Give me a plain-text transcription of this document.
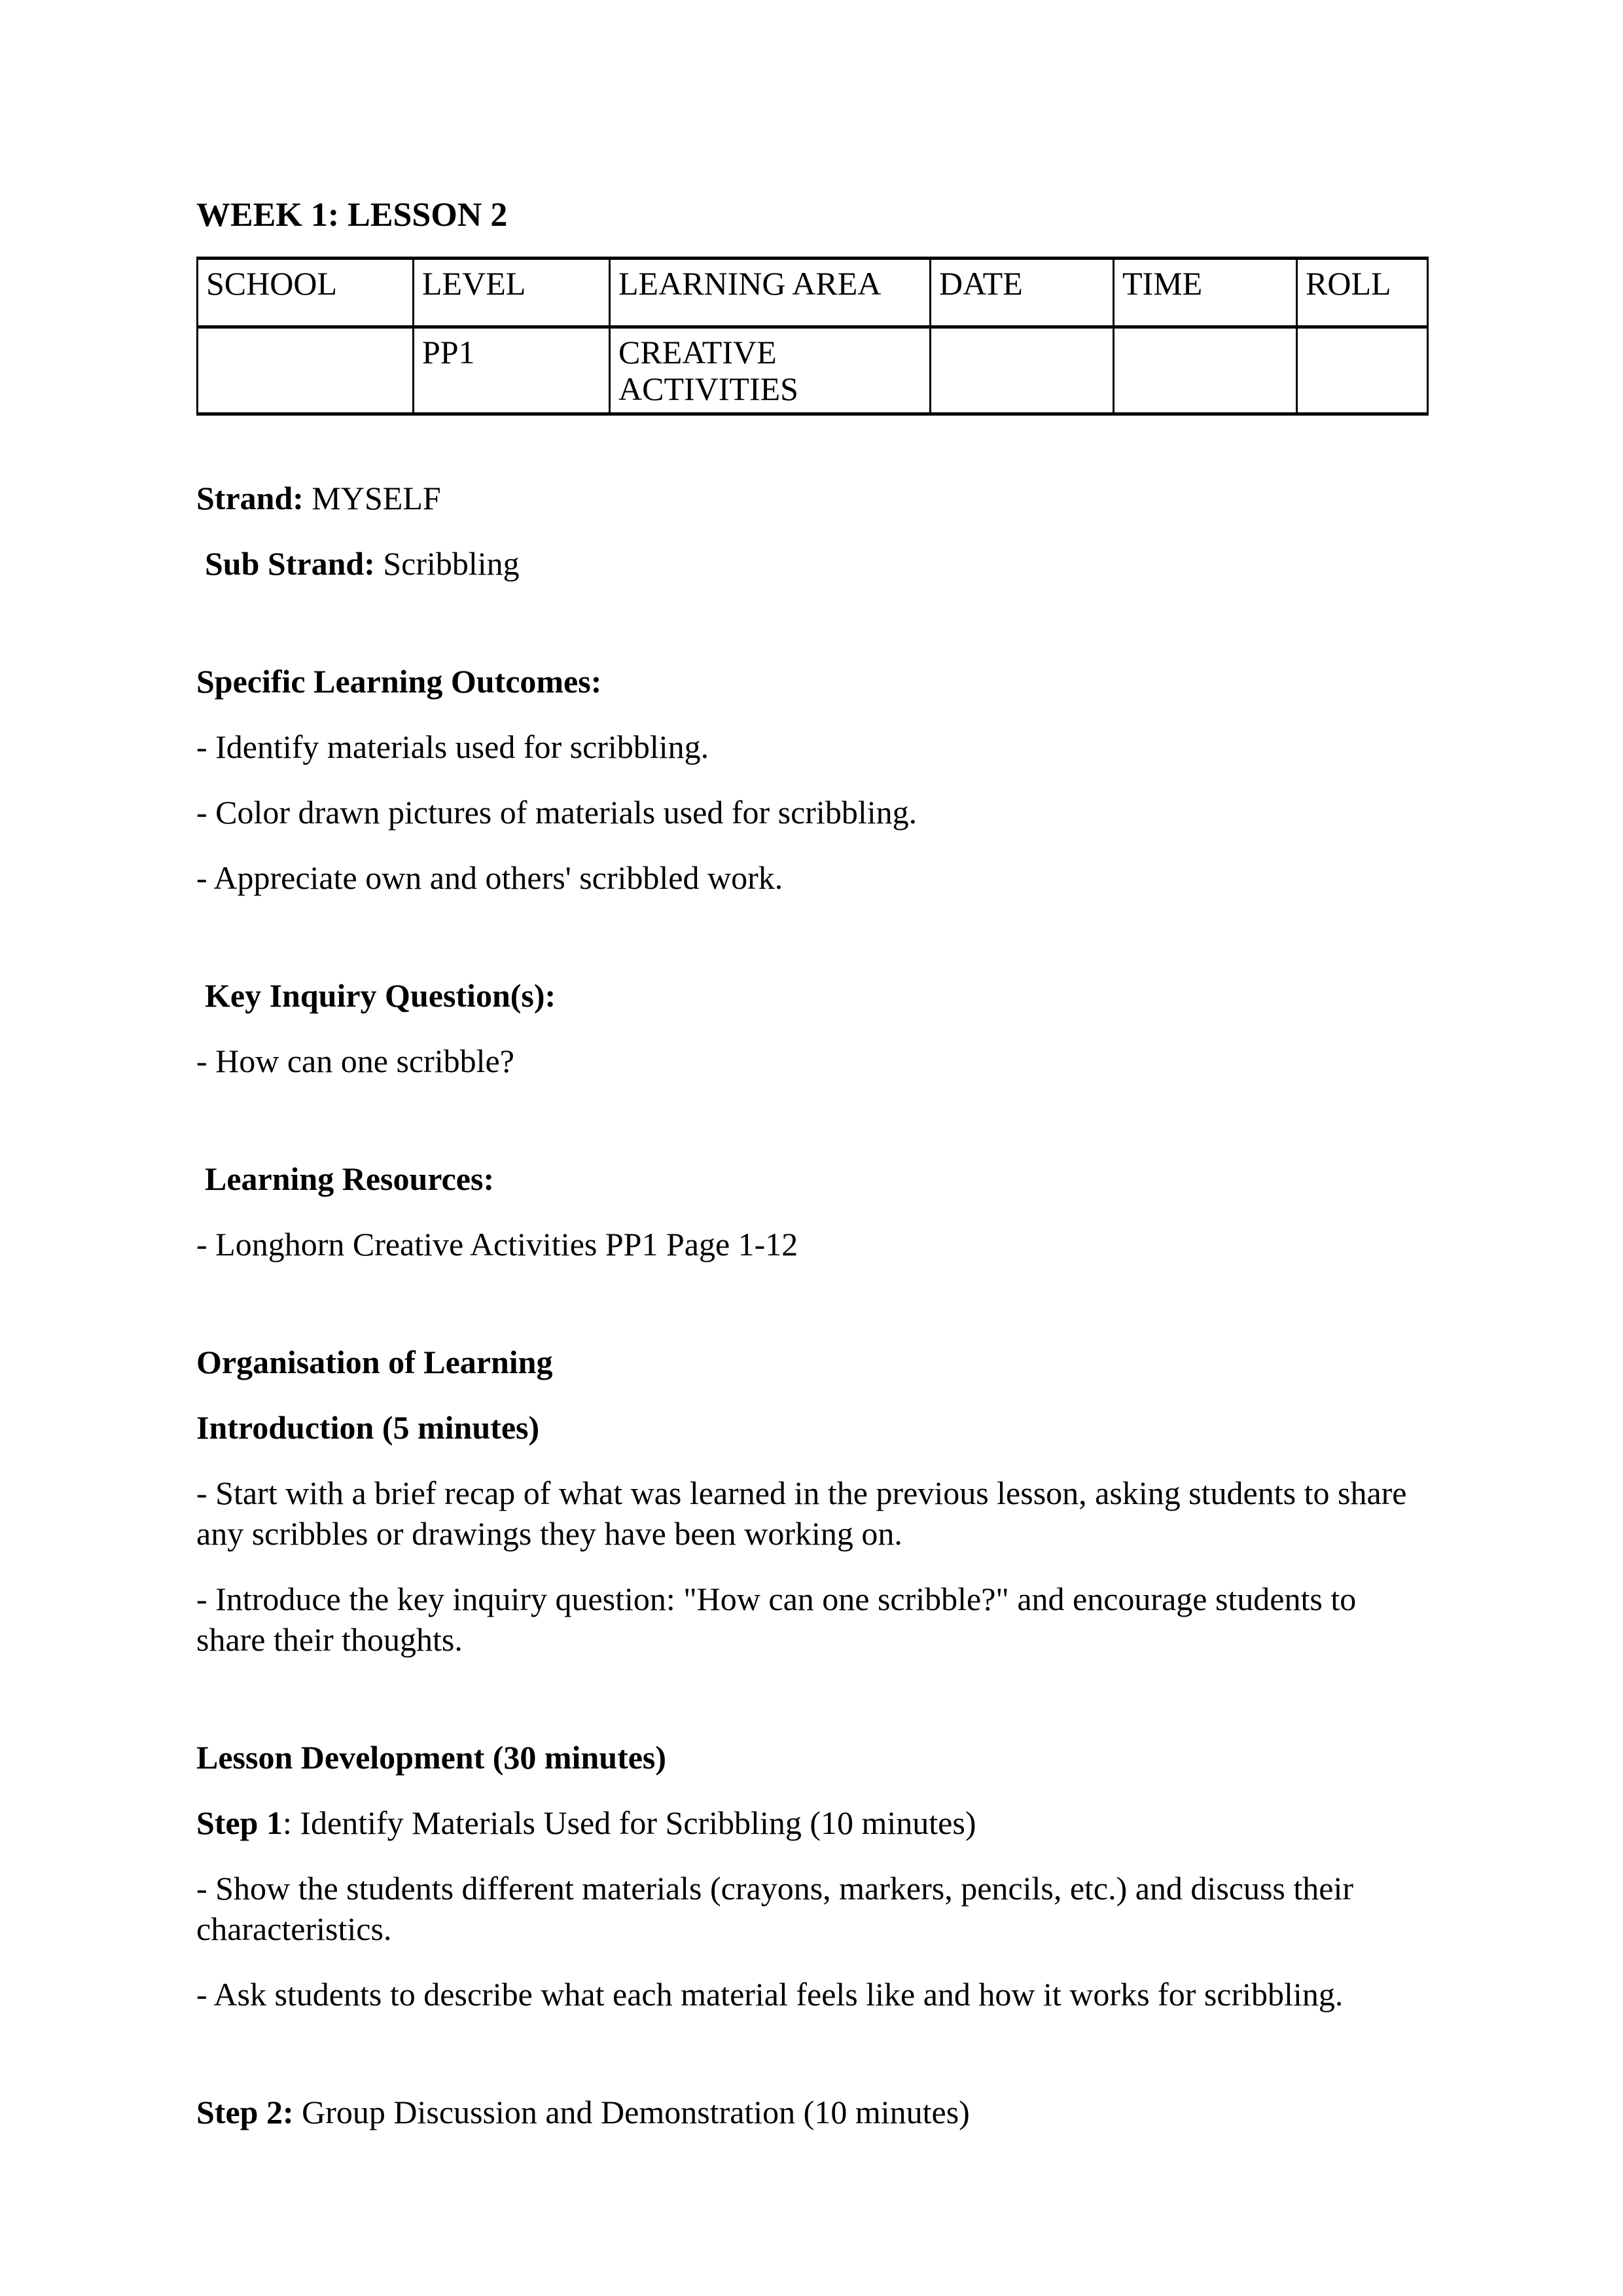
WEEK 1: LESSON 2

SCHOOL	LEVEL	LEARNING AREA	DATE	TIME	ROLL
	PP1	CREATIVE ACTIVITIES			

Strand: MYSELF

Sub Strand: Scribbling

Specific Learning Outcomes:

- Identify materials used for scribbling.

- Color drawn pictures of materials used for scribbling.

- Appreciate own and others' scribbled work.

Key Inquiry Question(s):

- How can one scribble?

Learning Resources:

- Longhorn Creative Activities PP1 Page 1-12

Organisation of Learning

Introduction (5 minutes)

- Start with a brief recap of what was learned in the previous lesson, asking students to share any scribbles or drawings they have been working on.

- Introduce the key inquiry question: "How can one scribble?" and encourage students to share their thoughts.

Lesson Development (30 minutes)

Step 1: Identify Materials Used for Scribbling (10 minutes)

- Show the students different materials (crayons, markers, pencils, etc.) and discuss their characteristics.

- Ask students to describe what each material feels like and how it works for scribbling.

Step 2: Group Discussion and Demonstration (10 minutes)
